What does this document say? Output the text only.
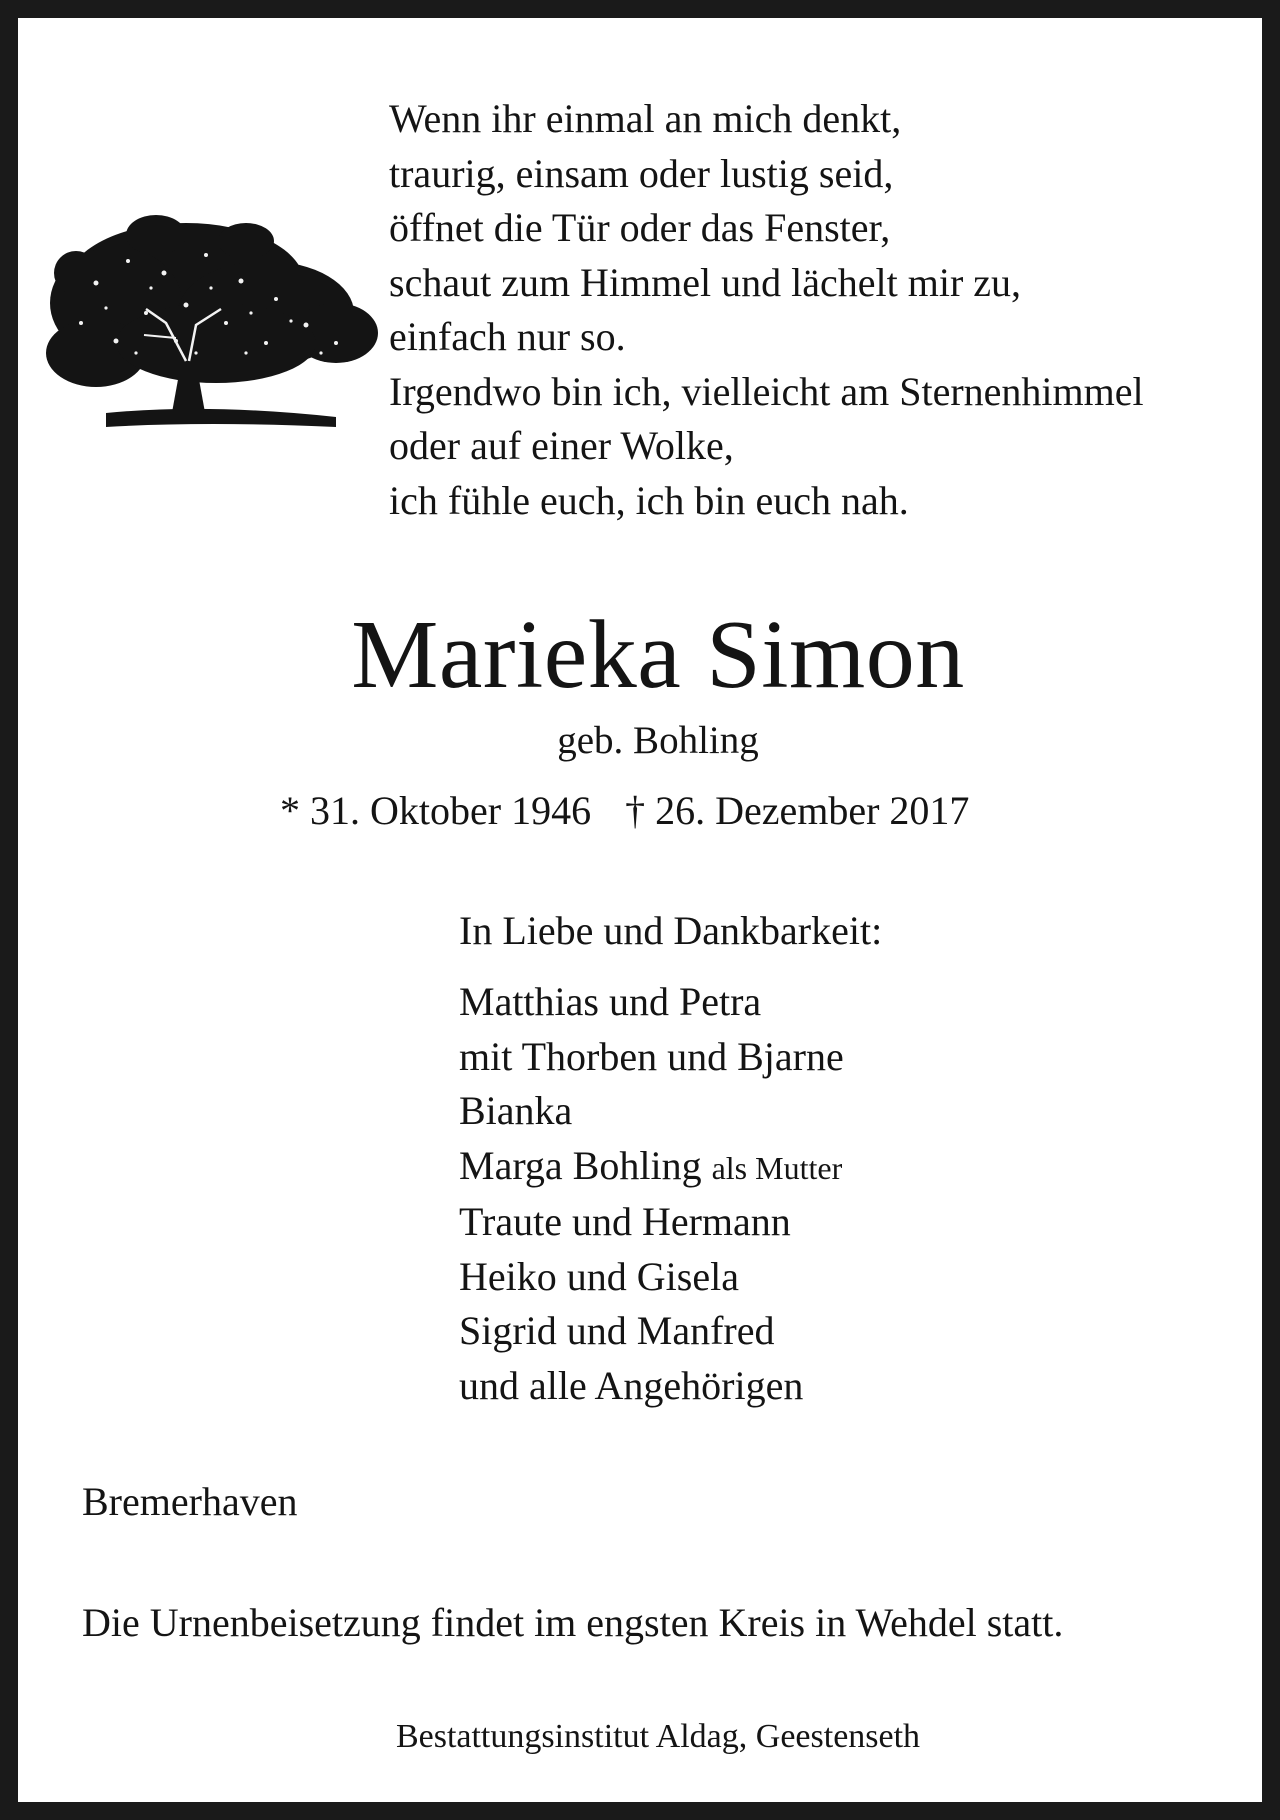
Wenn ihr einmal an mich denkt,
traurig, einsam oder lustig seid,
öffnet die Tür oder das Fenster,
schaut zum Himmel und lächelt mir zu,
einfach nur so.
Irgendwo bin ich, vielleicht am Sternenhimmel
oder auf einer Wolke,
ich fühle euch, ich bin euch nah.
Marieka Simon
geb. Bohling
* 31. Oktober 1946 † 26. Dezember 2017
In Liebe und Dankbarkeit:
Matthias und Petra
mit Thorben und Bjarne
Bianka
Marga Bohling als Mutter
Traute und Hermann
Heiko und Gisela
Sigrid und Manfred
und alle Angehörigen
Bremerhaven
Die Urnenbeisetzung findet im engsten Kreis in Wehdel statt.
Bestattungsinstitut Aldag, Geestenseth
